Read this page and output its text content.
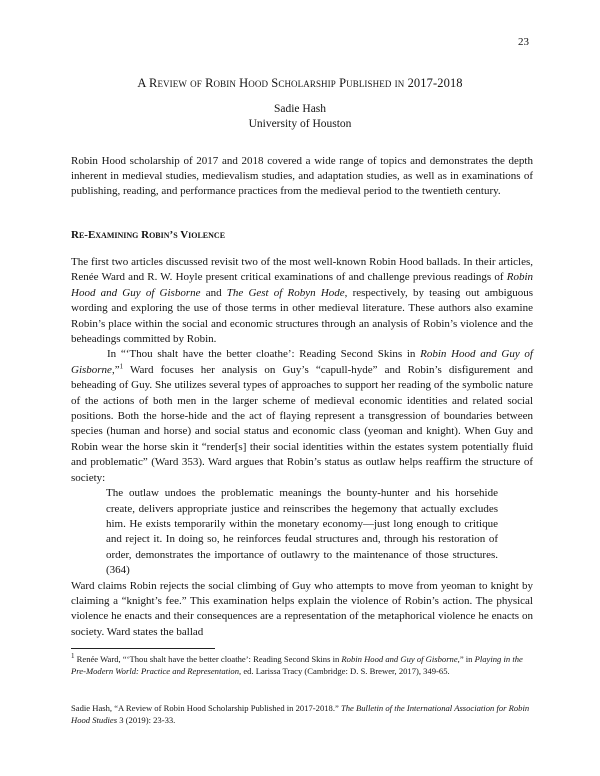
23
A Review of Robin Hood Scholarship Published in 2017-2018
Sadie Hash
University of Houston

Robin Hood scholarship of 2017 and 2018 covered a wide range of topics and demonstrates the depth inherent in medieval studies, medievalism studies, and adaptation studies, as well as in examinations of publishing, reading, and performance practices from the medieval period to the twentieth century.

Re-Examining Robin’s Violence

The first two articles discussed revisit two of the most well-known Robin Hood ballads. In their articles, Renée Ward and R. W. Hoyle present critical examinations of and challenge previous readings of Robin Hood and Guy of Gisborne and The Gest of Robyn Hode, respectively, by teasing out ambiguous wording and exploring the use of those terms in other medieval literature. These authors also examine Robin’s place within the social and economic structures through an analysis of Robin’s violence and the beheadings committed by Robin.

In “‘Thou shalt have the better cloathe’: Reading Second Skins in Robin Hood and Guy of Gisborne,”$^1$ Ward focuses her analysis on Guy’s “capull-hyde” and Robin’s disfigurement and beheading of Guy. She utilizes several types of approaches to support her reading of the symbolic nature of the actions of both men in the larger scheme of medieval economic identities and related social positions. Both the horse-hide and the act of flaying represent a transgression of boundaries between species (human and horse) and social status and economic class (yeoman and knight). When Guy and Robin wear the horse skin it “render[s] their social identities within the estates system potentially fluid and problematic” (Ward 353). Ward argues that Robin’s status as outlaw helps reaffirm the structure of society:

The outlaw undoes the problematic meanings the bounty-hunter and his horsehide create, delivers appropriate justice and reinscribes the hegemony that actually excludes him. He exists temporarily within the monetary economy—just long enough to critique and reject it. In doing so, he reinforces feudal structures and, through his restoration of order, demonstrates the importance of outlawry to the maintenance of those structures. (364)

Ward claims Robin rejects the social climbing of Guy who attempts to move from yeoman to knight by claiming a “knight’s fee.” This examination helps explain the violence of Robin’s action. The physical violence he enacts and their consequences are a representation of the metaphorical violence he enacts on society. Ward states the ballad

$^1$ Renée Ward, “‘Thou shalt have the better cloathe’: Reading Second Skins in Robin Hood and Guy of Gisborne,” in Playing in the Pre-Modern World: Practice and Representation, ed. Larissa Tracy (Cambridge: D. S. Brewer, 2017), 349-65.

Sadie Hash, “A Review of Robin Hood Scholarship Published in 2017-2018.” The Bulletin of the International Association for Robin Hood Studies 3 (2019): 23-33.
